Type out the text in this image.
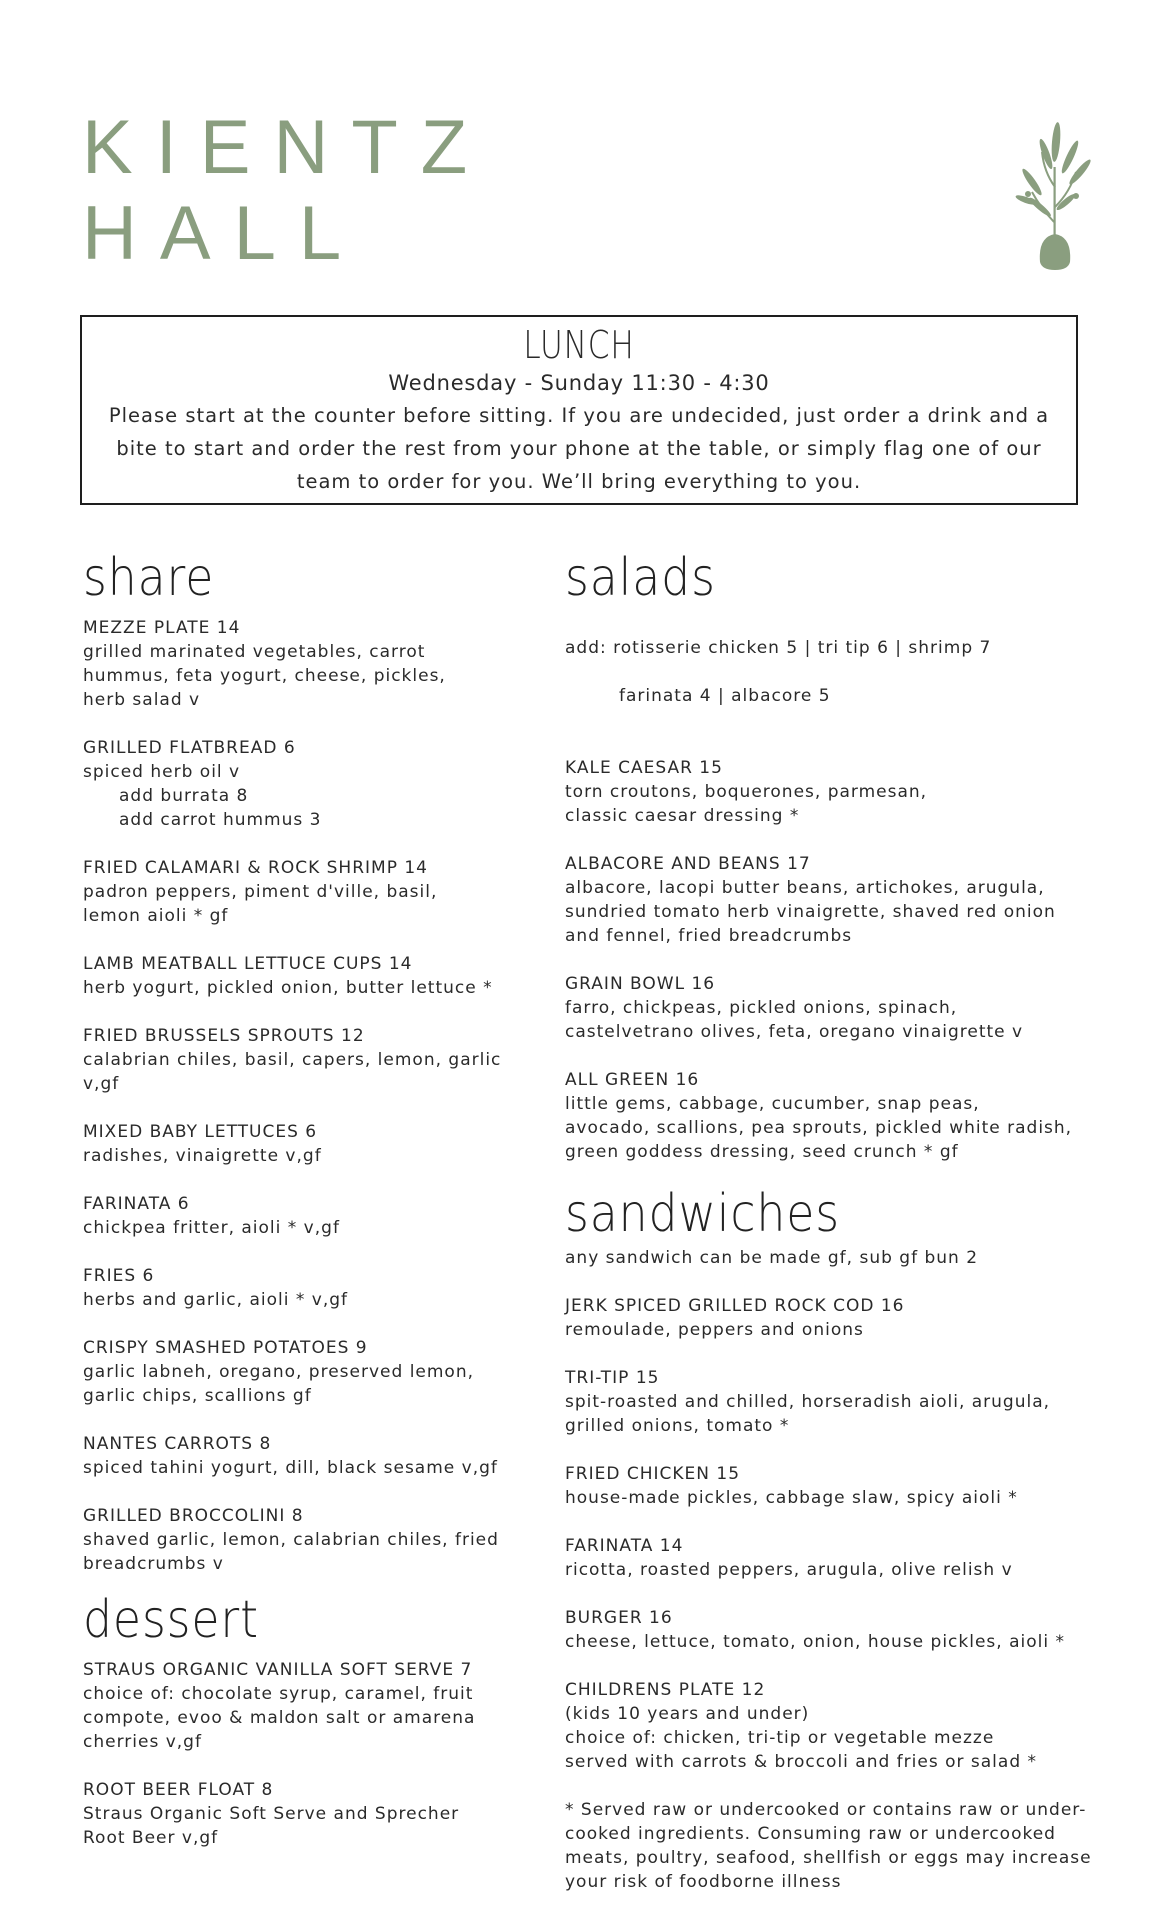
KIENTZ
HALL
LUNCH
Wednesday - Sunday 11:30 - 4:30
Please start at the counter before sitting. If you are undecided, just order a drink and a bite to start and order the rest from your phone at the table, or simply flag one of our team to order for you. We’ll bring everything to you.
share
MEZZE PLATE 14
grilled marinated vegetables, carrot
hummus, feta yogurt, cheese, pickles,
herb salad v
GRILLED FLATBREAD 6
spiced herb oil v
add burrata 8
add carrot hummus 3
FRIED CALAMARI & ROCK SHRIMP 14
padron peppers, piment d'ville, basil,
lemon aioli * gf
LAMB MEATBALL LETTUCE CUPS 14
herb yogurt, pickled onion, butter lettuce *
FRIED BRUSSELS SPROUTS 12
calabrian chiles, basil, capers, lemon, garlic
v,gf
MIXED BABY LETTUCES 6
radishes, vinaigrette v,gf
FARINATA 6
chickpea fritter, aioli * v,gf
FRIES 6
herbs and garlic, aioli * v,gf
CRISPY SMASHED POTATOES 9
garlic labneh, oregano, preserved lemon,
garlic chips, scallions gf
NANTES CARROTS 8
spiced tahini yogurt, dill, black sesame v,gf
GRILLED BROCCOLINI 8
shaved garlic, lemon, calabrian chiles, fried
breadcrumbs v
dessert
STRAUS ORGANIC VANILLA SOFT SERVE 7
choice of: chocolate syrup, caramel, fruit
compote, evoo & maldon salt or amarena
cherries v,gf
ROOT BEER FLOAT 8
Straus Organic Soft Serve and Sprecher
Root Beer v,gf
salads

add: rotisserie chicken 5 | tri tip 6 | shrimp 7

farinata 4 | albacore 5

KALE CAESAR 15
torn croutons, boquerones, parmesan,
classic caesar dressing *
ALBACORE AND BEANS 17
albacore, lacopi butter beans, artichokes, arugula,
sundried tomato herb vinaigrette, shaved red onion
and fennel, fried breadcrumbs
GRAIN BOWL 16
farro, chickpeas, pickled onions, spinach,
castelvetrano olives, feta, oregano vinaigrette v
ALL GREEN 16
little gems, cabbage, cucumber, snap peas,
avocado, scallions, pea sprouts, pickled white radish,
green goddess dressing, seed crunch * gf
sandwiches
any sandwich can be made gf, sub gf bun 2
JERK SPICED GRILLED ROCK COD 16
remoulade, peppers and onions
TRI-TIP 15
spit-roasted and chilled, horseradish aioli, arugula,
grilled onions, tomato *
FRIED CHICKEN 15
house-made pickles, cabbage slaw, spicy aioli *
FARINATA 14
ricotta, roasted peppers, arugula, olive relish v
BURGER 16
cheese, lettuce, tomato, onion, house pickles, aioli *
CHILDRENS PLATE 12
(kids 10 years and under)
choice of: chicken, tri-tip or vegetable mezze
served with carrots & broccoli and fries or salad *
* Served raw or undercooked or contains raw or under-
cooked ingredients. Consuming raw or undercooked
meats, poultry, seafood, shellfish or eggs may increase
your risk of foodborne illness
